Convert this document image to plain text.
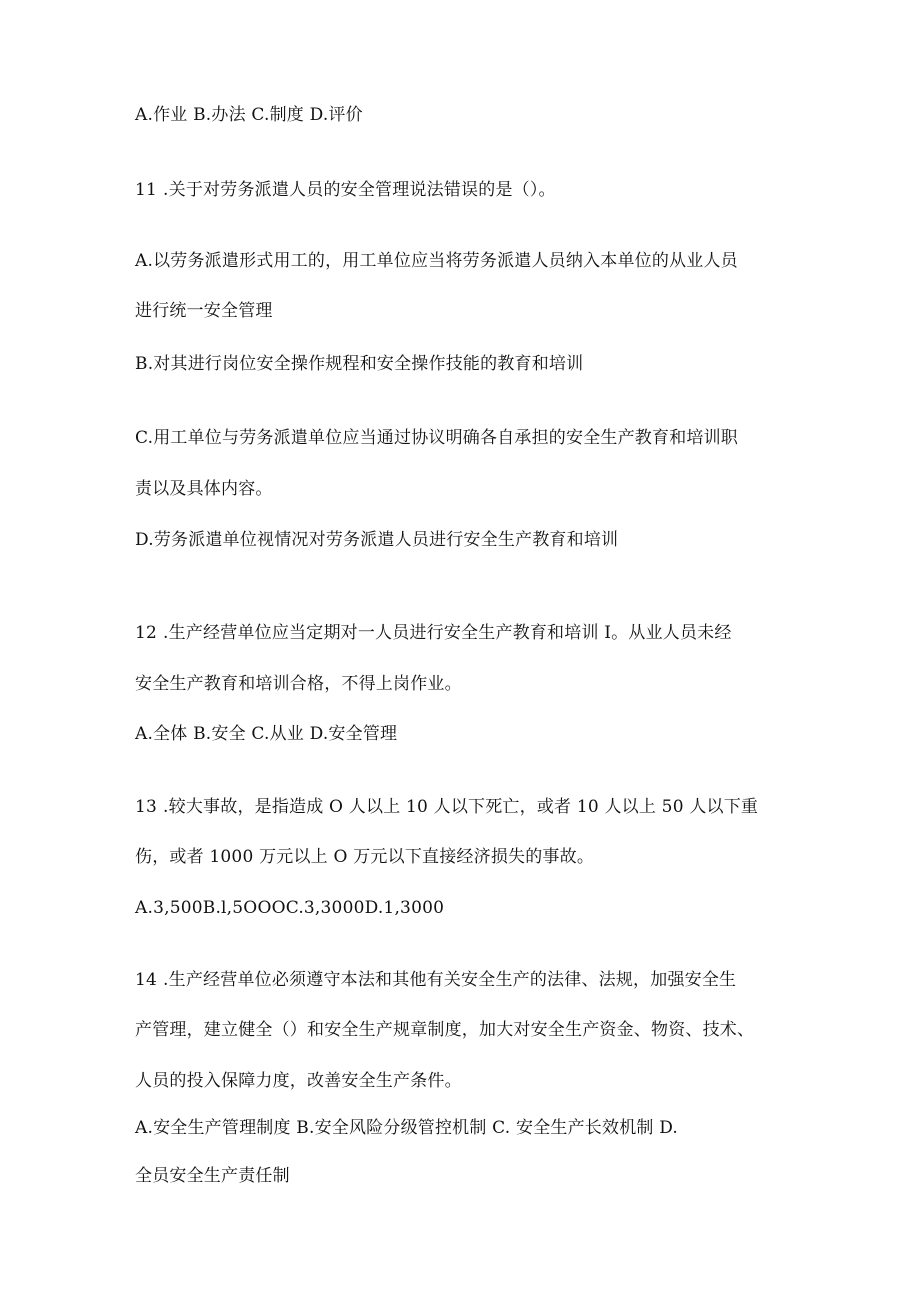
A.作业 B.办法 C.制度 D.评价
11 .关于对劳务派遣人员的安全管理说法错误的是（）。
A.以劳务派遣形式用工的，用工单位应当将劳务派遣人员纳入本单位的从业人员
进行统一安全管理
B.对其进行岗位安全操作规程和安全操作技能的教育和培训
C.用工单位与劳务派遣单位应当通过协议明确各自承担的安全生产教育和培训职
责以及具体内容。
D.劳务派遣单位视情况对劳务派遣人员进行安全生产教育和培训
12 .生产经营单位应当定期对一人员进行安全生产教育和培训 I。从业人员未经
安全生产教育和培训合格，不得上岗作业。
A.全体 B.安全 C.从业 D.安全管理
13 .较大事故，是指造成 O 人以上 10 人以下死亡，或者 10 人以上 50 人以下重
伤，或者 1000 万元以上 O 万元以下直接经济损失的事故。
A.3,500B.l,5OOOC.3,3000D.1,3000
14 .生产经营单位必须遵守本法和其他有关安全生产的法律、法规，加强安全生
产管理，建立健全（）和安全生产规章制度，加大对安全生产资金、物资、技术、
人员的投入保障力度，改善安全生产条件。
A.安全生产管理制度 B.安全风险分级管控机制 C. 安全生产长效机制 D.
全员安全生产责任制
